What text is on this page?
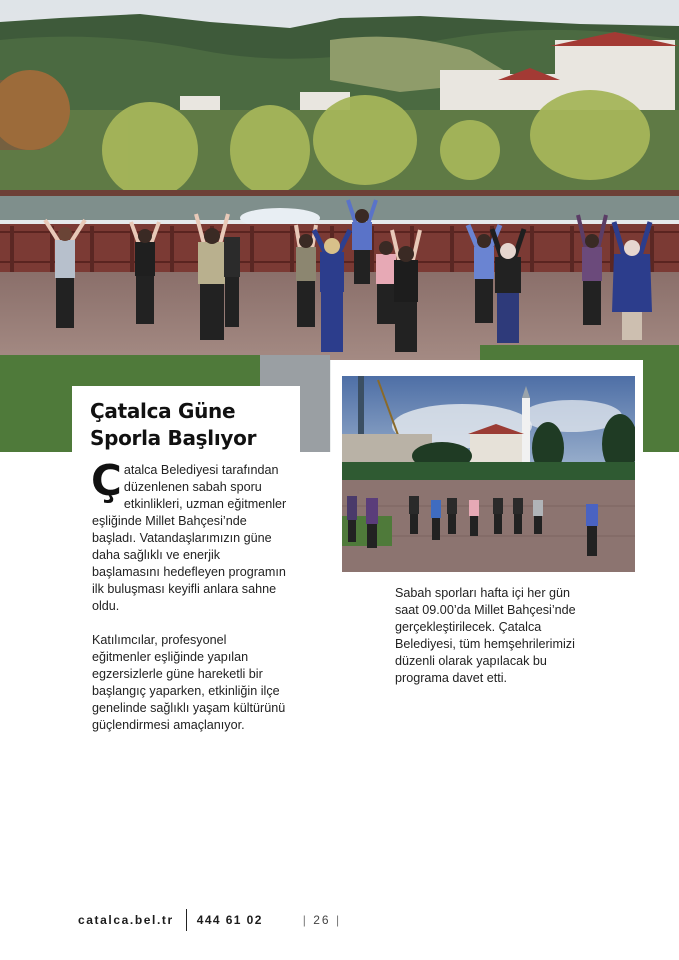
Çatalca Güne
Sporla Başlıyor

Çatalca Belediyesi tarafından düzenlenen sabah sporu etkinlikleri, uzman eğitmenler eşliğinde Millet Bahçesi’nde başladı. Vatandaşlarımızın güne daha sağlıklı ve enerjik başlamasını hedefleyen programın ilk buluşması keyifli anlara sahne oldu.

Katılımcılar, profesyonel eğitmenler eşliğinde yapılan egzersizlerle güne hareketli bir başlangıç yaparken, etkinliğin ilçe genelinde sağlıklı yaşam kültürünü güçlendirmesi amaçlanıyor.

Sabah sporları hafta içi her gün saat 09.00’da Millet Bahçesi’nde gerçekleştirilecek. Çatalca Belediyesi, tüm hemşehrilerimizi düzenli olarak yapılacak bu programa davet etti.

catalca.bel.tr 444 61 02	| 26 |
